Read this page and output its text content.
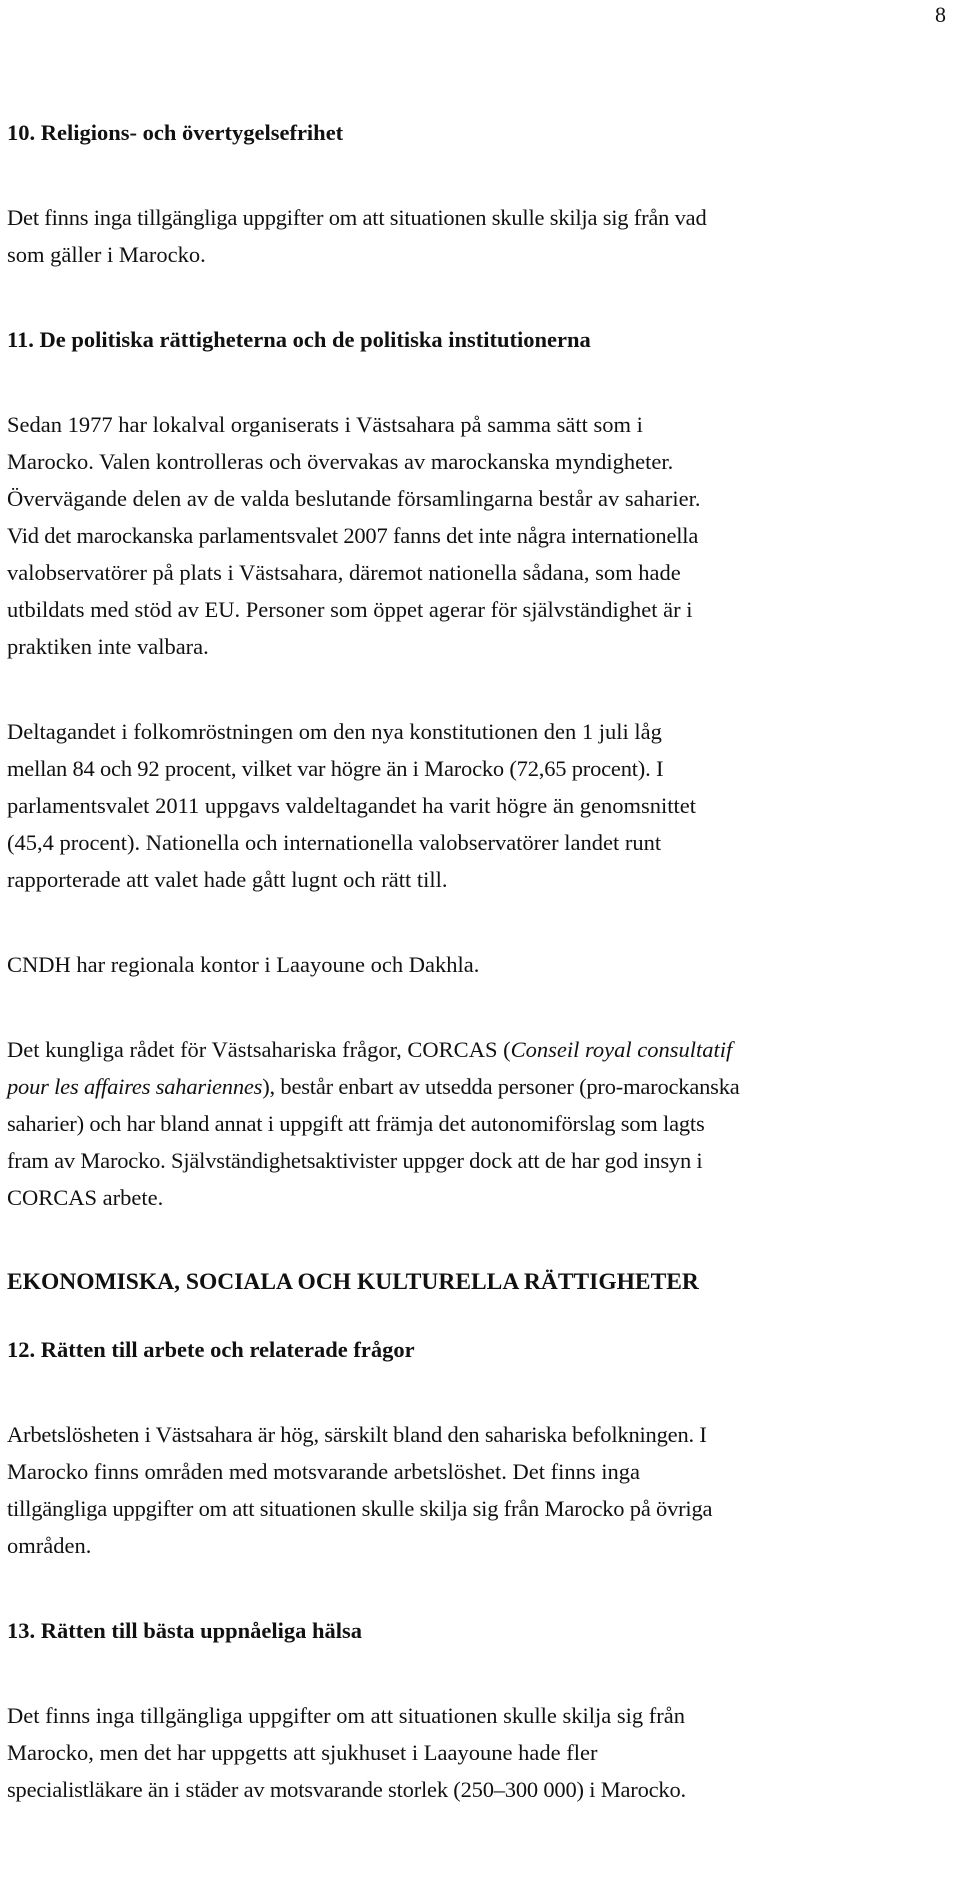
8
10. Religions- och övertygelsefrihet
Det finns inga tillgängliga uppgifter om att situationen skulle skilja sig från vad
som gäller i Marocko.
11. De politiska rättigheterna och de politiska institutionerna
Sedan 1977 har lokalval organiserats i Västsahara på samma sätt som i
Marocko. Valen kontrolleras och övervakas av marockanska myndigheter.
Övervägande delen av de valda beslutande församlingarna består av saharier.
Vid det marockanska parlamentsvalet 2007 fanns det inte några internationella
valobservatörer på plats i Västsahara, däremot nationella sådana, som hade
utbildats med stöd av EU. Personer som öppet agerar för självständighet är i
praktiken inte valbara.
Deltagandet i folkomröstningen om den nya konstitutionen den 1 juli låg
mellan 84 och 92 procent, vilket var högre än i Marocko (72,65 procent). I
parlamentsvalet 2011 uppgavs valdeltagandet ha varit högre än genomsnittet
(45,4 procent). Nationella och internationella valobservatörer landet runt
rapporterade att valet hade gått lugnt och rätt till.
CNDH har regionala kontor i Laayoune och Dakhla.
Det kungliga rådet för Västsahariska frågor, CORCAS (Conseil royal consultatif
pour les affaires sahariennes), består enbart av utsedda personer (pro-marockanska
saharier) och har bland annat i uppgift att främja det autonomiförslag som lagts
fram av Marocko. Självständighetsaktivister uppger dock att de har god insyn i
CORCAS arbete.
EKONOMISKA, SOCIALA OCH KULTURELLA RÄTTIGHETER
12. Rätten till arbete och relaterade frågor
Arbetslösheten i Västsahara är hög, särskilt bland den sahariska befolkningen. I
Marocko finns områden med motsvarande arbetslöshet. Det finns inga
tillgängliga uppgifter om att situationen skulle skilja sig från Marocko på övriga
områden.
13. Rätten till bästa uppnåeliga hälsa
Det finns inga tillgängliga uppgifter om att situationen skulle skilja sig från
Marocko, men det har uppgetts att sjukhuset i Laayoune hade fler
specialistläkare än i städer av motsvarande storlek (250–300 000) i Marocko.
